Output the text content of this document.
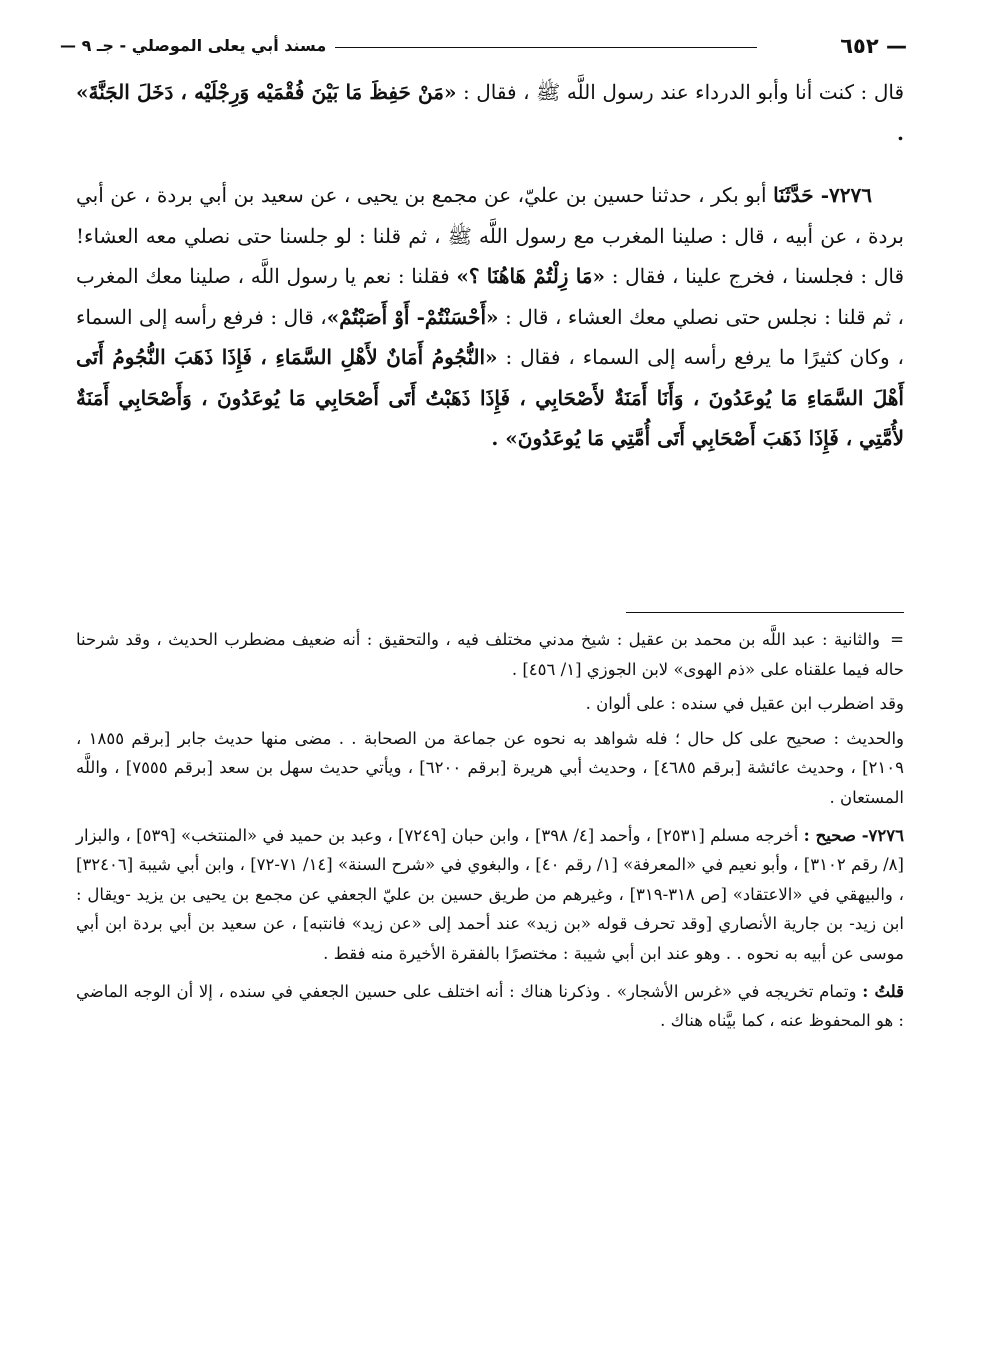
— ٦٥٢
مسند أبي يعلى الموصلي - جـ ٩ —

قال : كنت أنا وأبو الدرداء عند رسول اللَّه ﷺ ، فقال : «مَنْ حَفِظَ مَا بَيْنَ فُقْمَيْه وَرِجْلَيْه ، دَخَلَ الجَنَّةَ» .

٧٢٧٦- حَدَّثَنَا أبو بكر ، حدثنا حسين بن عليّ، عن مجمع بن يحيى ، عن سعيد بن أبي بردة ، عن أبي بردة ، عن أبيه ، قال : صلينا المغرب مع رسول اللَّه ﷺ ، ثم قلنا : لو جلسنا حتى نصلي معه العشاء! قال : فجلسنا ، فخرج علينا ، فقال : «مَا زِلْتُمْ هَاهُنَا ؟» فقلنا : نعم يا رسول اللَّه ، صلينا معك المغرب ، ثم قلنا : نجلس حتى نصلي معك العشاء ، قال : «أَحْسَنْتُمْ- أَوْ أَصَبْتُمْ»، قال : فرفع رأسه إلى السماء ، وكان كثيرًا ما يرفع رأسه إلى السماء ، فقال : «النُّجُومُ أَمَانٌ لأَهْلِ السَّمَاءِ ، فَإِذَا ذَهَبَ النُّجُومُ أَتَى أَهْلَ السَّمَاءِ مَا يُوعَدُونَ ، وَأَنَا أَمَنَةٌ لأَصْحَابِي ، فَإِذَا ذَهَبْتُ أَتَى أَصْحَابِي مَا يُوعَدُونَ ، وَأَصْحَابِي أَمَنَةٌ لأُمَّتِي ، فَإِذَا ذَهَبَ أَصْحَابِي أَتَى أُمَّتِي مَا يُوعَدُونَ» .

=والثانية : عبد اللَّه بن محمد بن عقيل : شيخ مدني مختلف فيه ، والتحقيق : أنه ضعيف مضطرب الحديث ، وقد شرحنا حاله فيما علقناه على «ذم الهوى» لابن الجوزي [١/ ٤٥٦] .

وقد اضطرب ابن عقيل في سنده : على ألوان .

والحديث : صحيح على كل حال ؛ فله شواهد به نحوه عن جماعة من الصحابة . . مضى منها حديث جابر [برقم ١٨٥٥ ، ٢١٠٩] ، وحديث عائشة [برقم ٤٦٨٥] ، وحديث أبي هريرة [برقم ٦٢٠٠] ، ويأتي حديث سهل بن سعد [برقم ٧٥٥٥] ، واللَّه المستعان .

٧٢٧٦- صحيح : أخرجه مسلم [٢٥٣١] ، وأحمد [٤/ ٣٩٨] ، وابن حبان [٧٢٤٩] ، وعبد بن حميد في «المنتخب» [٥٣٩] ، والبزار [٨/ رقم ٣١٠٢] ، وأبو نعيم في «المعرفة» [١/ رقم ٤٠] ، والبغوي في «شرح السنة» [١٤/ ٧١-٧٢] ، وابن أبي شيبة [٣٢٤٠٦] ، والبيهقي في «الاعتقاد» [ص ٣١٨-٣١٩] ، وغيرهم من طريق حسين بن عليّ الجعفي عن مجمع بن يحيى بن يزيد -ويقال : ابن زيد- بن جارية الأنصاري [وقد تحرف قوله «بن زيد» عند أحمد إلى «عن زيد» فانتبه] ، عن سعيد بن أبي بردة ابن أبي موسى عن أبيه به نحوه . . وهو عند ابن أبي شيبة : مختصرًا بالفقرة الأخيرة منه فقط .

قلتُ : وتمام تخريجه في «غرس الأشجار» . وذكرنا هناك : أنه اختلف على حسين الجعفي في سنده ، إلا أن الوجه الماضي : هو المحفوظ عنه ، كما بيَّناه هناك .
